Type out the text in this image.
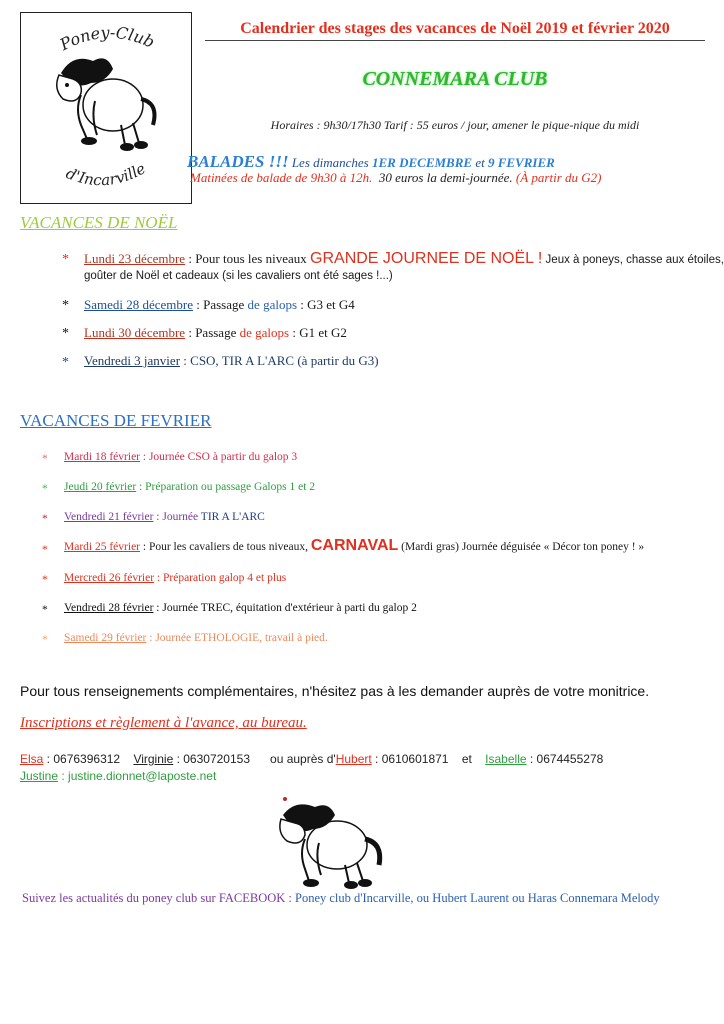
Poney-Club
d'Incarville
Calendrier des stages des vacances de Noël 2019 et février 2020
CONNEMARA CLUB
Horaires : 9h30/17h30 Tarif : 55 euros / jour, amener le pique-nique du midi
BALADES !!! Les dimanches 1ER DECEMBRE et 9 FEVRIER
Matinées de balade de 9h30 à 12h. 30 euros la demi-journée. (À partir du G2)
VACANCES DE NOËL
* Lundi 23 décembre : Pour tous les niveaux GRANDE JOURNEE DE NOËL ! Jeux à poneys, chasse aux étoiles,
goûter de Noël et cadeaux (si les cavaliers ont été sages !...)
* Samedi 28 décembre : Passage de galops : G3 et G4
* Lundi 30 décembre : Passage de galops : G1 et G2
* Vendredi 3 janvier : CSO, TIR A L'ARC (à partir du G3)
VACANCES DE FEVRIER
* Mardi 18 février : Journée CSO à partir du galop 3
* Jeudi 20 février : Préparation ou passage Galops 1 et 2
* Vendredi 21 février : Journée TIR A L'ARC
* Mardi 25 février : Pour les cavaliers de tous niveaux, CARNAVAL (Mardi gras) Journée déguisée « Décor ton poney ! »
* Mercredi 26 février : Préparation galop 4 et plus
* Vendredi 28 février : Journée TREC, équitation d'extérieur à parti du galop 2
* Samedi 29 février : Journée ETHOLOGIE, travail à pied.
Pour tous renseignements complémentaires, n'hésitez pas à les demander auprès de votre monitrice.
Inscriptions et règlement à l'avance, au bureau.
Elsa : 0676396312 Virginie : 0630720153 ou auprès d'Hubert : 0610601871 et Isabelle : 0674455278
Justine : justine.dionnet@laposte.net
Suivez les actualités du poney club sur FACEBOOK : Poney club d'Incarville, ou Hubert Laurent ou Haras Connemara Melody
